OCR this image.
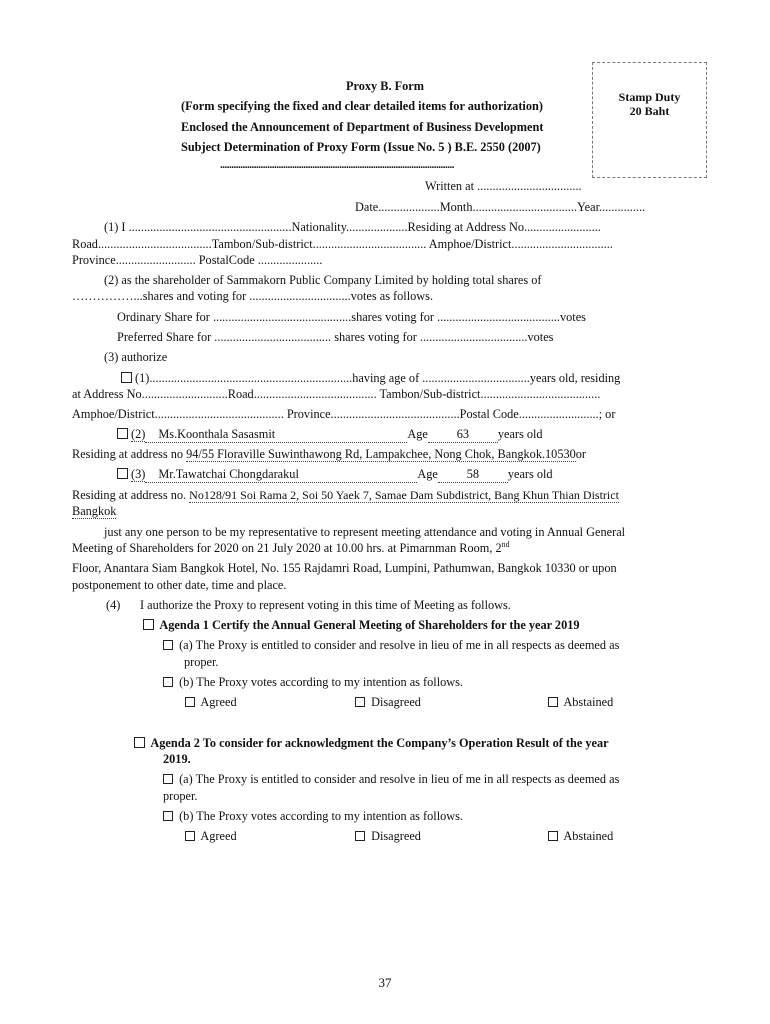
Stamp Duty
20 Baht
Proxy B. Form
(Form specifying the fixed and clear detailed items for authorization)
Enclosed the Announcement of Department of Business Development
Subject Determination of Proxy Form (Issue No. 5 ) B.E. 2550 (2007)
........................................................................................................
Written at ..................................
Date....................Month..................................Year...............
(1) I .....................................................Nationality....................Residing at Address No.........................
Road.....................................Tambon/Sub-district..................................... Amphoe/District.................................
Province.......................... PostalCode .....................
(2) as the shareholder of Sammakorn Public Company Limited by holding total shares of
……………...shares and voting for .................................votes as follows.
Ordinary Share for .............................................shares voting for ........................................votes
Preferred Share for ...................................... shares voting for ...................................votes
(3) authorize
(1)..................................................................having age of ...................................years old, residing
at Address No............................Road........................................ Tambon/Sub-district.......................................
Amphoe/District.......................................... Province..........................................Postal Code..........................; or
(2) Ms.Koonthala Sasasmit	Age 63 years old
Residing at address no 94/55 Floraville Suwinthawong Rd, Lampakchee, Nong Chok, Bangkok.10530or
(3) Mr.Tawatchai Chongdarakul	Age 58 years old
Residing at address no. No128/91 Soi Rama 2, Soi 50 Yaek 7, Samae Dam Subdistrict, Bang Khun Thian District
Bangkok
just any one person to be my representative to represent meeting attendance and voting in Annual General
Meeting of Shareholders for 2020 on 21 July 2020 at 10.00 hrs. at Pimarnman Room, 2nd
Floor, Anantara Siam Bangkok Hotel, No. 155 Rajdamri Road, Lumpini, Pathumwan, Bangkok 10330 or upon
postponement to other date, time and place.
(4) I authorize the Proxy to represent voting in this time of Meeting as follows.
Agenda 1 Certify the Annual General Meeting of Shareholders for the year 2019
(a) The Proxy is entitled to consider and resolve in lieu of me in all respects as deemed as
proper.
(b) The Proxy votes according to my intention as follows.
Agreed	Disagreed	Abstained
Agenda 2 To consider for acknowledgment the Company’s Operation Result of the year
2019.
(a) The Proxy is entitled to consider and resolve in lieu of me in all respects as deemed as
proper.
(b) The Proxy votes according to my intention as follows.
Agreed	Disagreed	Abstained
37
